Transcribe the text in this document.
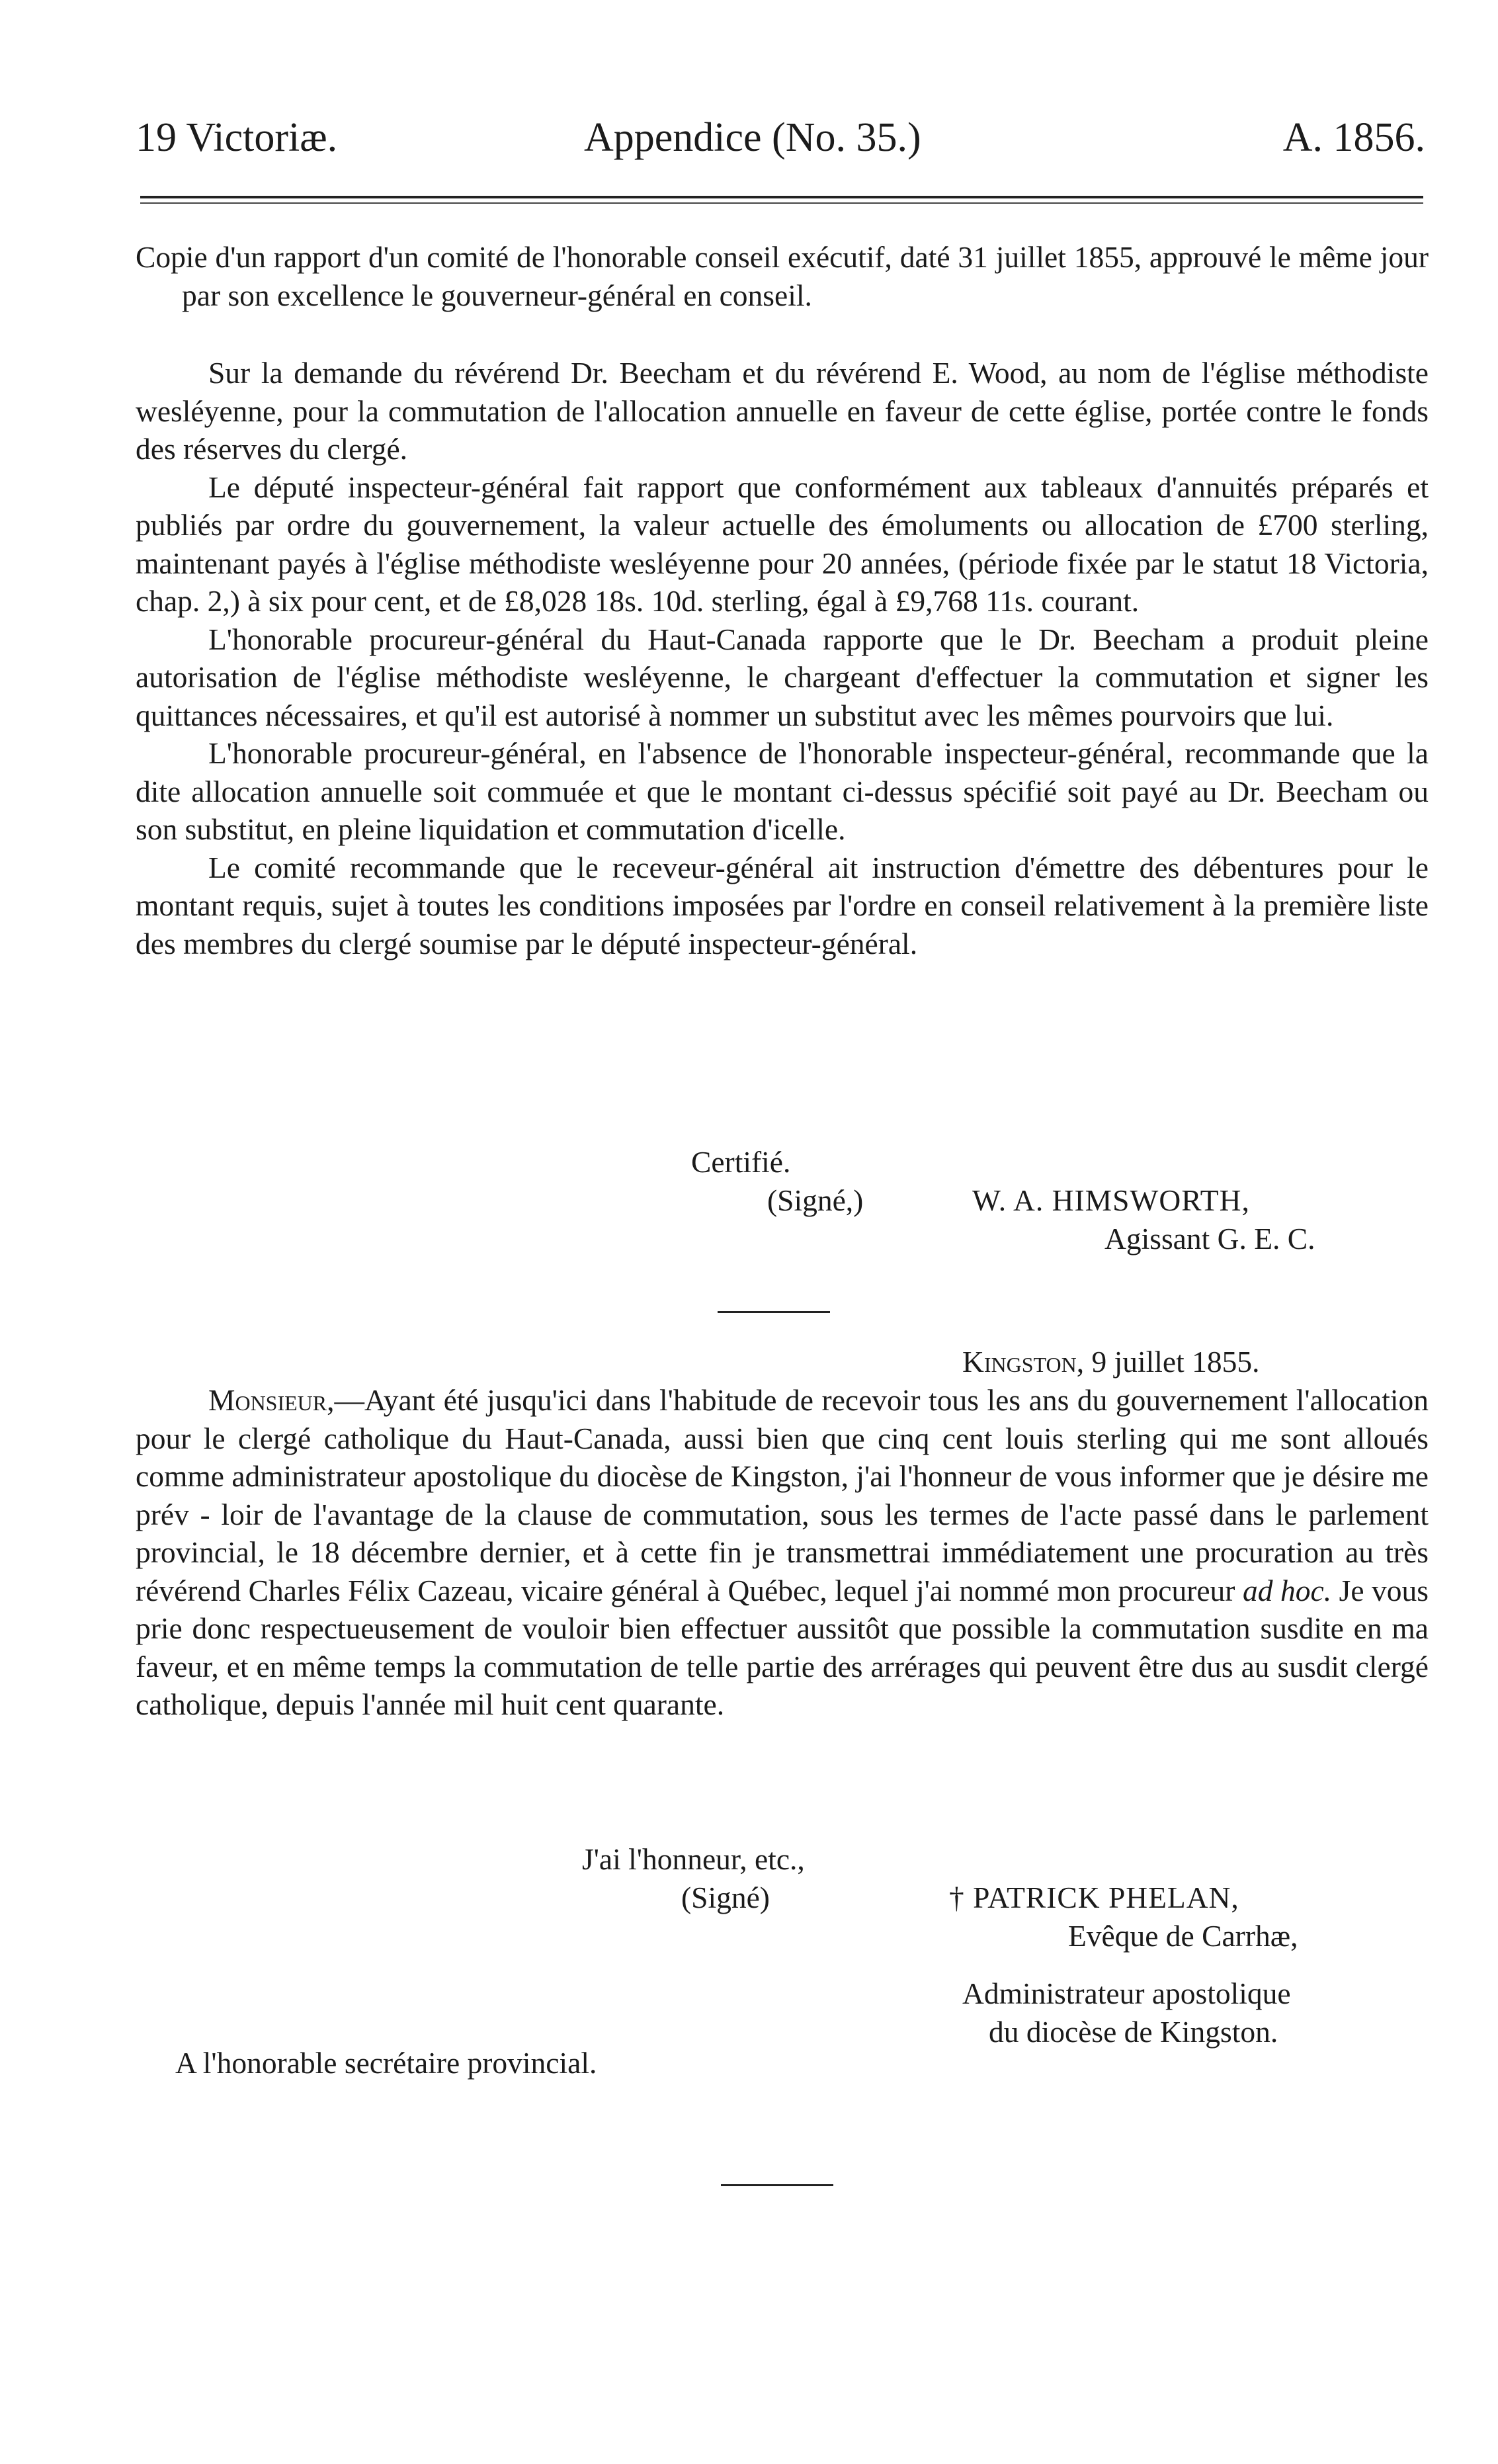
19 Victoriæ.	Appendice (No. 35.)	A. 1856.
Copie d'un rapport d'un comité de l'honorable conseil exécutif, daté 31 juillet 1855, approuvé le même jour par son excellence le gouverneur-général en conseil.

Sur la demande du révérend Dr. Beecham et du révérend E. Wood, au nom de l'église méthodiste wesléyenne, pour la commutation de l'allocation annuelle en faveur de cette église, portée contre le fonds des réserves du clergé.

Le député inspecteur-général fait rapport que conformément aux tableaux d'annuités préparés et publiés par ordre du gouvernement, la valeur actuelle des émoluments ou allocation de £700 sterling, maintenant payés à l'église méthodiste wesléyenne pour 20 années, (période fixée par le statut 18 Victoria, chap. 2,) à six pour cent, et de £8,028 18s. 10d. sterling, égal à £9,768 11s. courant.

L'honorable procureur-général du Haut-Canada rapporte que le Dr. Beecham a produit pleine autorisation de l'église méthodiste wesléyenne, le chargeant d'effectuer la commutation et signer les quittances nécessaires, et qu'il est autorisé à nommer un substitut avec les mêmes pourvoirs que lui.

L'honorable procureur-général, en l'absence de l'honorable inspecteur-général, recommande que la dite allocation annuelle soit commuée et que le montant ci-dessus spécifié soit payé au Dr. Beecham ou son substitut, en pleine liquidation et commutation d'icelle.

Le comité recommande que le receveur-général ait instruction d'émettre des débentures pour le montant requis, sujet à toutes les conditions imposées par l'ordre en conseil relativement à la première liste des membres du clergé soumise par le député inspecteur-général.

Certifié.
(Signé,)	W. A. HIMSWORTH,
Agissant G. E. C.
Kingston, 9 juillet 1855.

Monsieur,—Ayant été jusqu'ici dans l'habitude de recevoir tous les ans du gouvernement l'allocation pour le clergé catholique du Haut-Canada, aussi bien que cinq cent louis sterling qui me sont alloués comme administrateur apostolique du diocèse de Kingston, j'ai l'honneur de vous informer que je désire me prév - loir de l'avantage de la clause de commutation, sous les termes de l'acte passé dans le parlement provincial, le 18 décembre dernier, et à cette fin je transmettrai immédiatement une procuration au très révérend Charles Félix Cazeau, vicaire général à Québec, lequel j'ai nommé mon procureur ad hoc. Je vous prie donc respectueusement de vouloir bien effectuer aussitôt que possible la commutation susdite en ma faveur, et en même temps la commutation de telle partie des arrérages qui peuvent être dus au susdit clergé catholique, depuis l'année mil huit cent quarante.

J'ai l'honneur, etc.,
(Signé)	† PATRICK PHELAN,
Evêque de Carrhæ,
Administrateur apostolique
du diocèse de Kingston.
A l'honorable secrétaire provincial.
